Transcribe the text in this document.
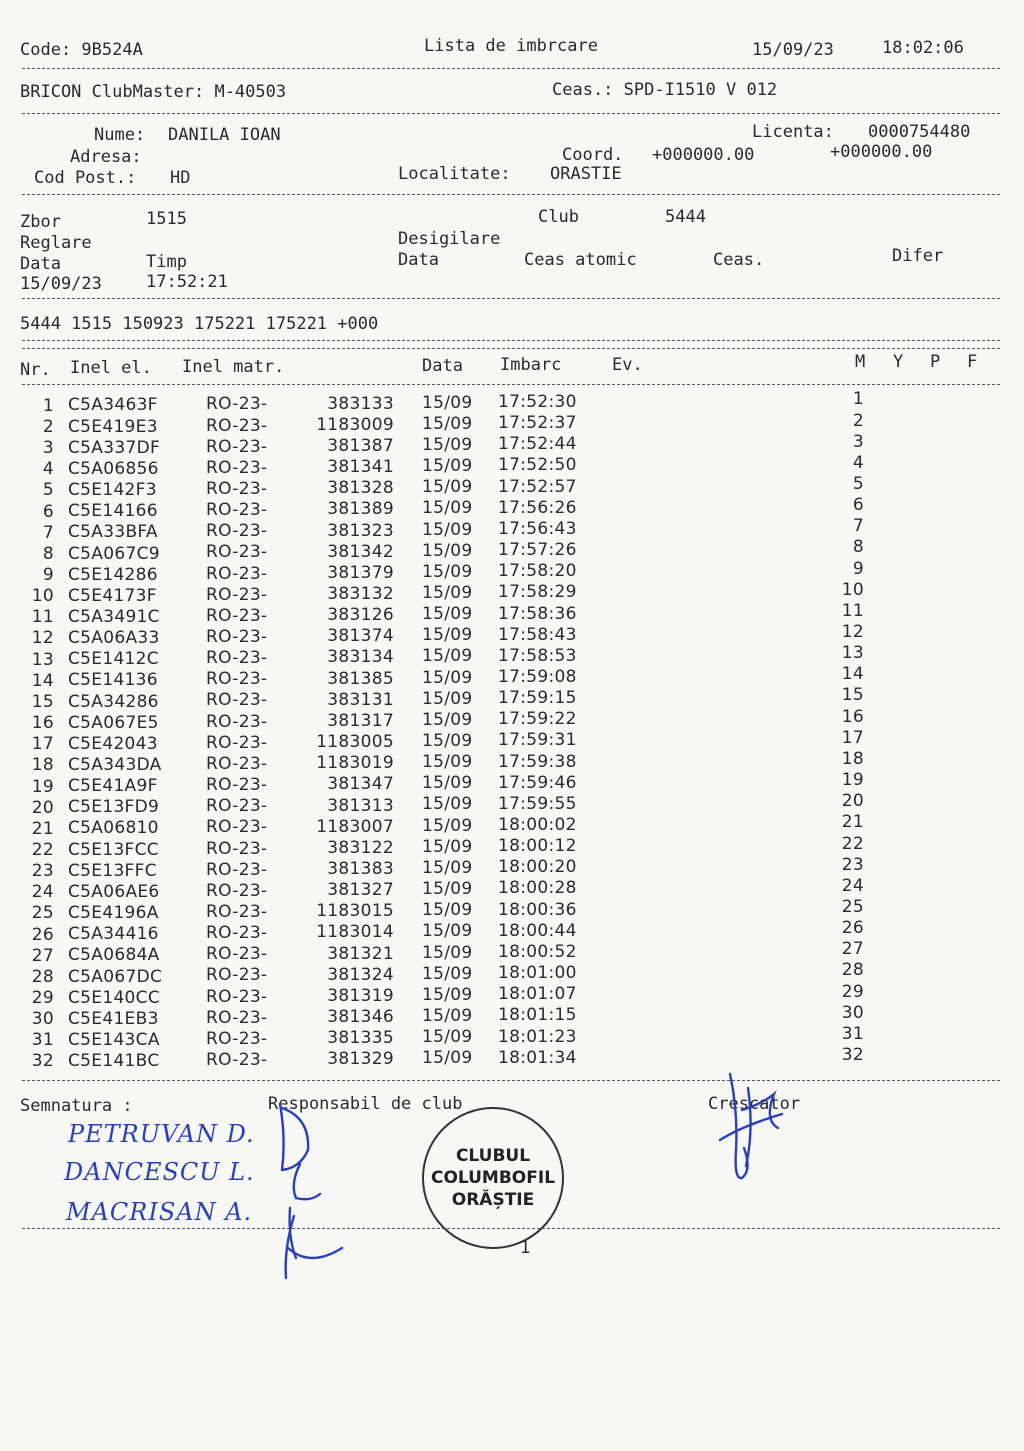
Code: 9B524A	Lista de imbrcare	15/09/23	18:02:06
BRICON ClubMaster: M-40503	Ceas.: SPD-I1510 V 012
Nume: DANILA IOAN
Adresa:
Cod Post.: HD
Licenta: 0000754480
Coord. +000000.00	+000000.00
Localitate: ORASTIE
Zbor	1515	Club	5444
Reglare	Desigilare
Data	Timp	Data	Ceas atomic	Ceas.	Difer
15/09/23	17:52:21
5444 1515 150923 175221 175221 +000
Nr. Inel el. Inel matr.	Data Imbarc	Ev.	M Y P F
1 C5A3463F	RO-23-	383133 15/09 17:52:30	1
2 C5E419E3	RO-23-	1183009 15/09 17:52:37	2
3 C5A337DF	RO-23-	381387 15/09 17:52:44	3
4 C5A06856	RO-23-	381341 15/09 17:52:50	4
5 C5E142F3	RO-23-	381328 15/09 17:52:57	5
6 C5E14166	RO-23-	381389 15/09 17:56:26	6
7 C5A33BFA	RO-23-	381323 15/09 17:56:43	7
8 C5A067C9	RO-23-	381342 15/09 17:57:26	8
9 C5E14286	RO-23-	381379 15/09 17:58:20	9
10 C5E4173F	RO-23-	383132 15/09 17:58:29	10
11 C5A3491C	RO-23-	383126 15/09 17:58:36	11
12 C5A06A33	RO-23-	381374 15/09 17:58:43	12
13 C5E1412C	RO-23-	383134 15/09 17:58:53	13
14 C5E14136	RO-23-	381385 15/09 17:59:08	14
15 C5A34286	RO-23-	383131 15/09 17:59:15	15
16 C5A067E5	RO-23-	381317 15/09 17:59:22	16
17 C5E42043	RO-23-	1183005 15/09 17:59:31	17
18 C5A343DA	RO-23-	1183019 15/09 17:59:38	18
19 C5E41A9F	RO-23-	381347 15/09 17:59:46	19
20 C5E13FD9	RO-23-	381313 15/09 17:59:55	20
21 C5A06810	RO-23-	1183007 15/09 18:00:02	21
22 C5E13FCC	RO-23-	383122 15/09 18:00:12	22
23 C5E13FFC	RO-23-	381383 15/09 18:00:20	23
24 C5A06AE6	RO-23-	381327 15/09 18:00:28	24
25 C5E4196A	RO-23-	1183015 15/09 18:00:36	25
26 C5A34416	RO-23-	1183014 15/09 18:00:44	26
27 C5A0684A	RO-23-	381321 15/09 18:00:52	27
28 C5A067DC	RO-23-	381324 15/09 18:01:00	28
29 C5E140CC	RO-23-	381319 15/09 18:01:07	29
30 C5E41EB3	RO-23-	381346 15/09 18:01:15	30
31 C5E143CA	RO-23-	381335 15/09 18:01:23	31
32 C5E141BC	RO-23-	381329 15/09 18:01:34	32
Semnatura :	Responsabil de club	Crescator
PETRUVAN D.
DANCESCU L.
MACRISAN A.
CLUBUL
COLUMBOFIL
ORĂȘTIE
1
